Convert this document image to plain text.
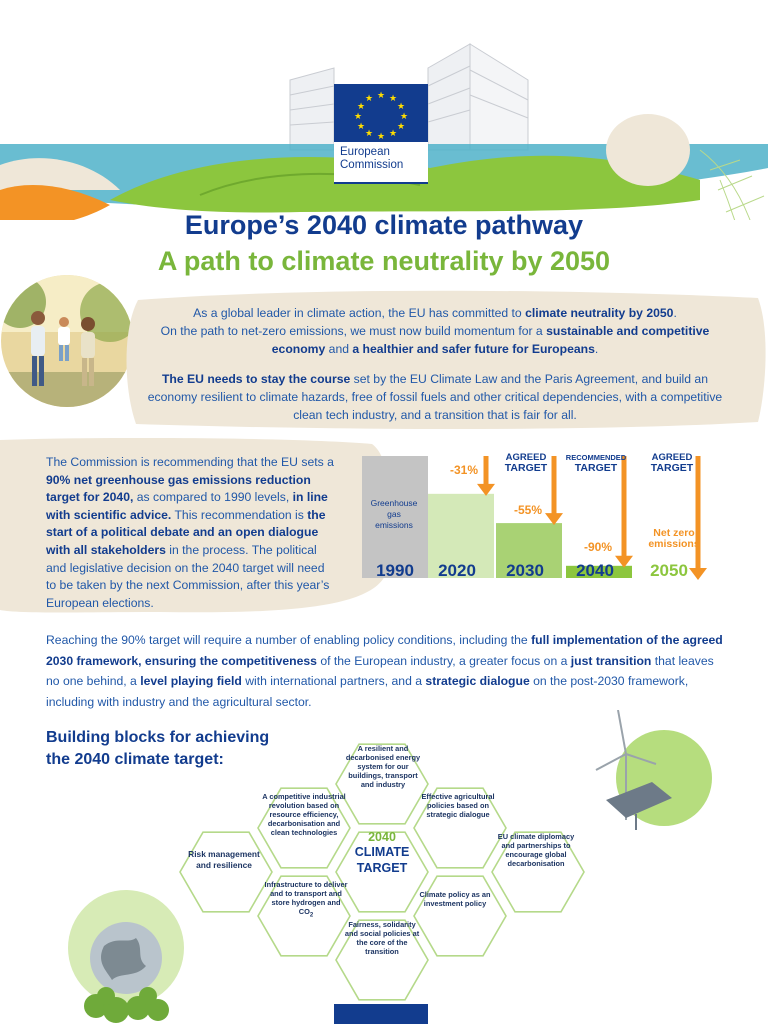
★ ★
★
★
★
★
★
★
★
★
★
★
European
Commission
Europe’s 2040 climate pathway
A path to climate neutrality by 2050
As a global leader in climate action, the EU has committed to climate neutrality by 2050.
On the path to net-zero emissions, we must now build momentum for a sustainable and competitive economy and a healthier and safer future for Europeans.
The EU needs to stay the course set by the EU Climate Law and the Paris Agreement, and build an economy resilient to climate hazards, free of fossil fuels and other critical dependencies, with a competitive clean tech industry, and a transition that is fair for all.
The Commission is recommending that the EU sets a 90% net greenhouse gas emissions reduction target for 2040, as compared to 1990 levels, in line with scientific advice. This recommendation is the start of a political debate and an open dialogue with all stakeholders in the process. The political and legislative decision on the 2040 target will need to be taken by the next Commission, after this year’s European elections.
1990 2020 2030 2040 2050
-31%
-55%
-90%
Net zero
emissions
AGREED
TARGET
RECOMMENDED
TARGET
AGREED
TARGET
Greenhouse
gas
emissions
Reaching the 90% target will require a number of enabling policy conditions, including the full implementation of the agreed 2030 framework, ensuring the competitiveness of the European industry, a greater focus on a just transition that leaves no one behind, a level playing field with international partners, and a strategic dialogue on the post-2030 framework, including with industry and the agricultural sector.
Building blocks for achieving
the 2040 climate target:
A resilient and decarbonised energy system for our buildings, transport and industry
A competitive industrial revolution based on resource efficiency, decarbonisation and clean technologies
Effective agricultural policies based on strategic dialogue
Risk management and resilience
EU climate diplomacy and partnerships to encourage global decarbonisation
Infrastructure to deliver and to transport and store hydrogen and $CO_2$
Climate policy as an investment policy
Fairness, solidarity and social policies at the core of the transition
2040
CLIMATE
TARGET
